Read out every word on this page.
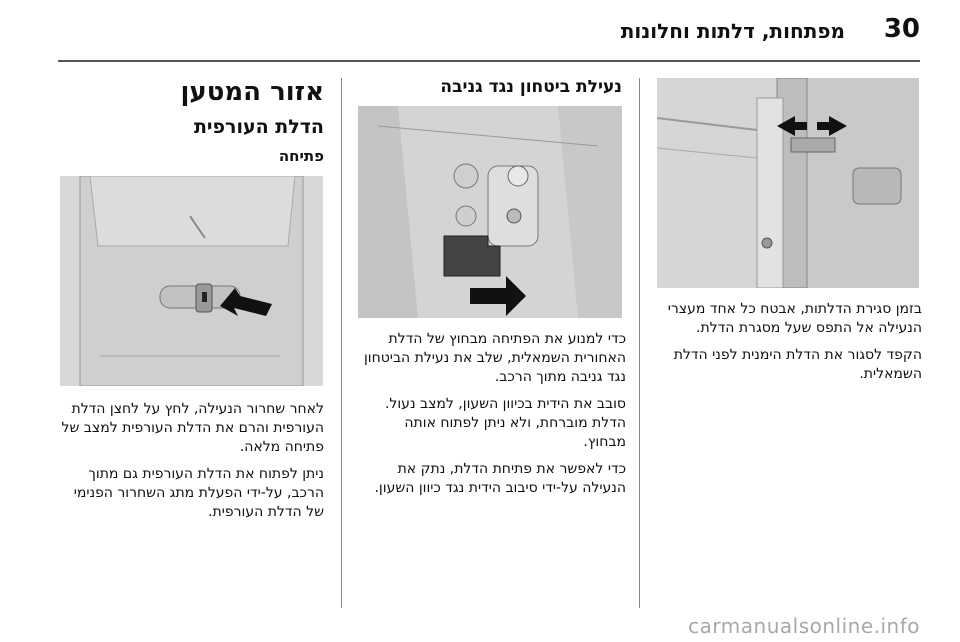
30
מפתחות, דלתות וחלונות

בזמן סגירת הדלתות, אבטח כל אחד מעצרי הנעילה אל התפס שעל מסגרת הדלת.

הקפד לסגור את הדלת הימנית לפני הדלת השמאלית.

נעילת ביטחון נגד גניבה

כדי למנוע את הפתיחה מבחוץ של הדלת האחורית השמאלית, שלב את נעילת הביטחון נגד גניבה מתוך הרכב.

סובב את הידית בכיוון השעון, למצב נעול. הדלת מוברחת, ולא ניתן לפתוח אותה מבחוץ.

כדי לאפשר את פתיחת הדלת, נתק את הנעילה על-ידי סיבוב הידית נגד כיוון השעון.

אזור המטען
הדלת העורפית
פתיחה

לאחר שחרור הנעילה, לחץ על לחצן הדלת העורפית והרם את הדלת העורפית למצב של פתיחה מלאה.

ניתן לפתוח את הדלת העורפית גם מתוך הרכב, על-ידי הפעלת מתג השחרור הפנימי של הדלת העורפית.

carmanualsonline.info
